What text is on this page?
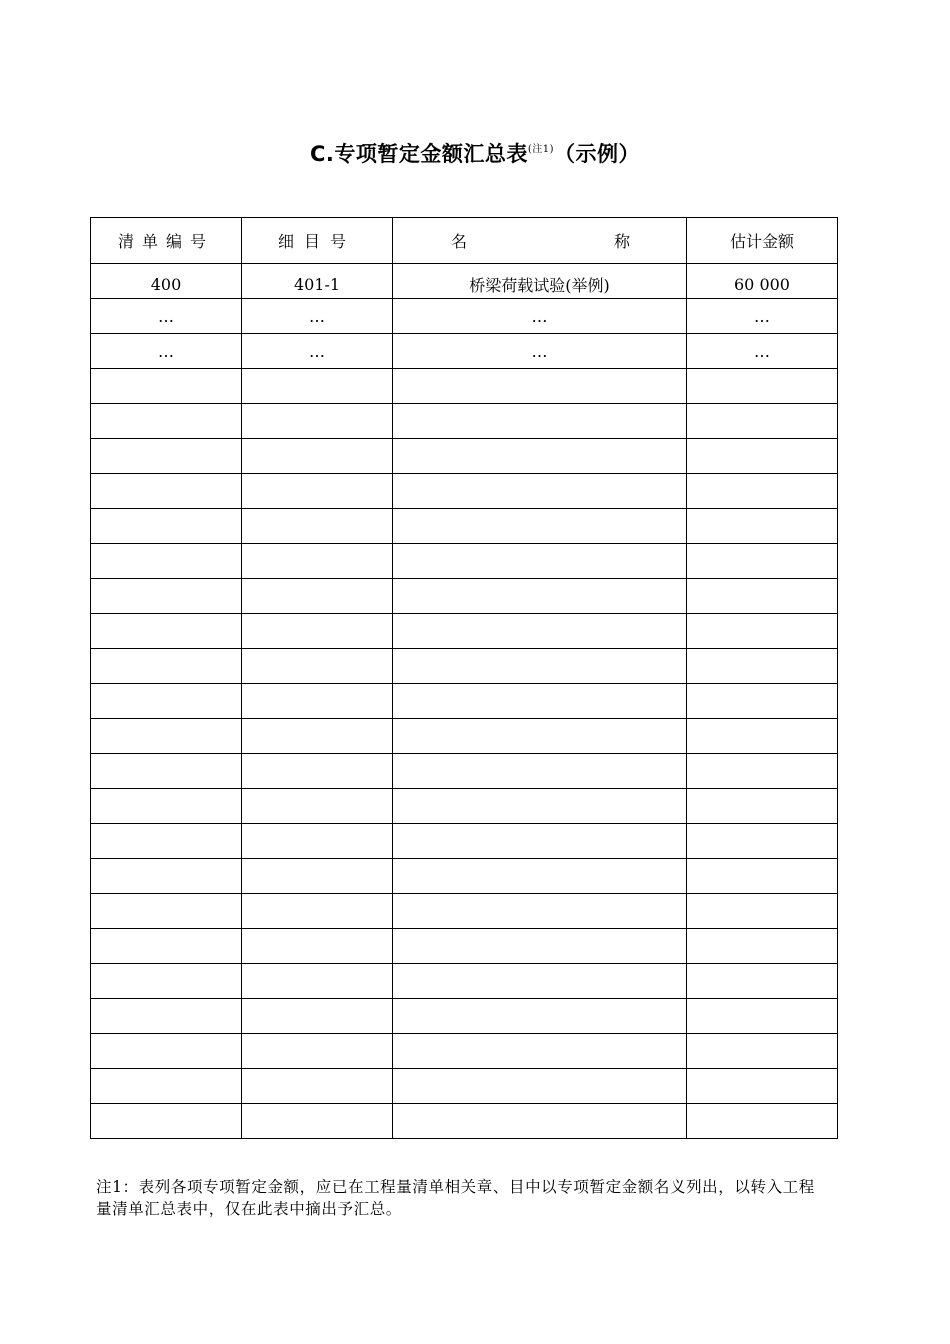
C.专项暂定金额汇总表$^{(注1)}$（示例）
清单编号	细目号	名 称	估计金额
400	401-1	桥梁荷载试验(举例)	60 000
…	…	…	…
…	…	…	…

注1：表列各项专项暂定金额，应已在工程量清单相关章、目中以专项暂定金额名义列出，以转入工程量清单汇总表中，仅在此表中摘出予汇总。
